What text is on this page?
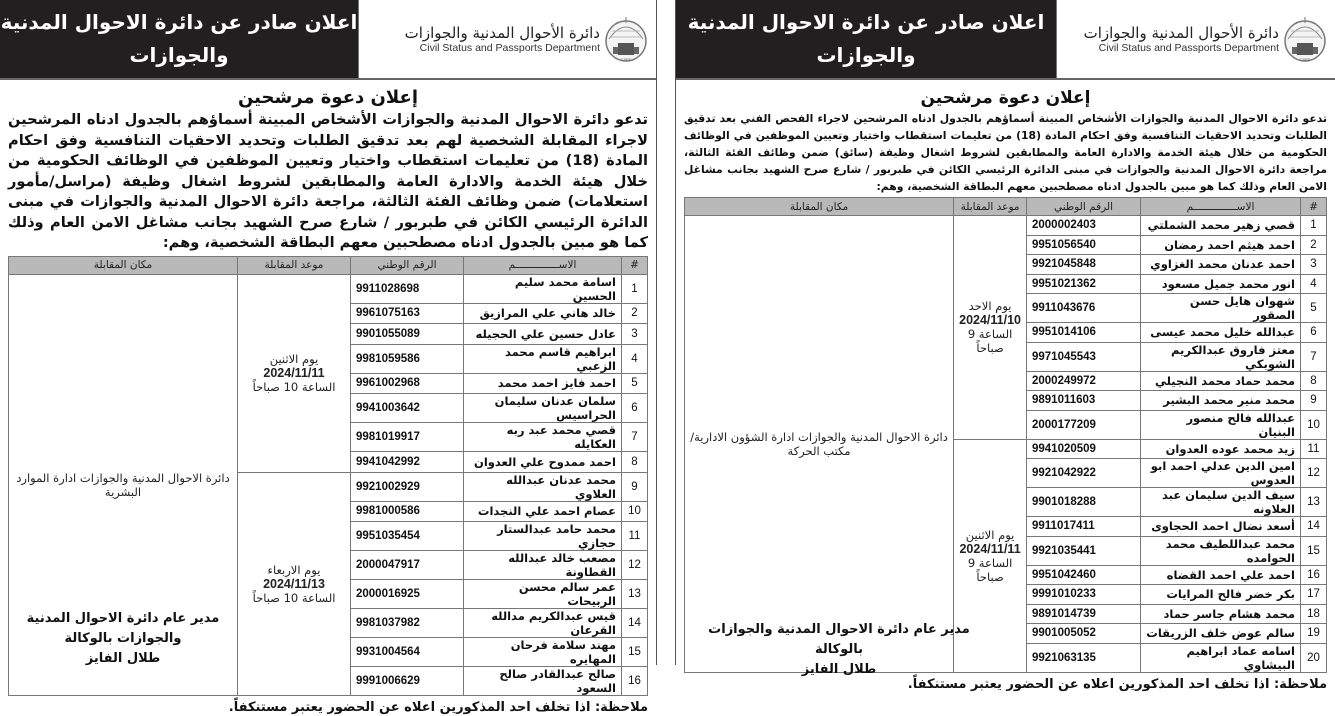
اعلان صادر عن دائرة الاحوال المدنية والجوازات
دائرة الأحوال المدنية والجوازات
Civil Status and Passports Department
CSPD
إعلان دعوة مرشحين
تدعو دائرة الاحوال المدنية والجوازات الأشخاص المبينة أسماؤهم بالجدول ادناه المرشحين لاجراء المقابلة الشخصية لهم بعد تدقيق الطلبات وتحديد الاحقيات التنافسية وفق احكام المادة (18) من تعليمات استقطاب واختيار وتعيين الموظفين في الوظائف الحكومية من خلال هيئة الخدمة والادارة العامة والمطابقين لشروط اشغال وظيفة (مراسل/مأمور استعلامات) ضمن وظائف الفئة الثالثة، مراجعة دائرة الاحوال المدنية والجوازات في مبنى الدائرة الرئيسي الكائن في طبربور / شارع صرح الشهيد بجانب مشاغل الامن العام وذلك كما هو مبين بالجدول ادناه مصطحبين معهم البطاقة الشخصية، وهم:
#	الاســــــــــــــم	الرقم الوطني	موعد المقابلة	مكان المقابلة
1	اسامة محمد سليم الحسين	9911028698	يوم الاثنين
2024/11/11
الساعة 10 صباحاً	دائرة الاحوال المدنية والجوازات ادارة الموارد البشرية
2	خالد هاني علي المرازيق	9961075163		
3	عادل حسين علي الحجيله	9901055089		
4	ابراهيم قاسم محمد الزعبي	9981059586		
5	احمد فايز احمد محمد	9961002968		
6	سلمان عدنان سليمان الحراسيس	9941003642		
7	قصي محمد عبد ربه العكايله	9981019917		
8	احمد ممدوح علي العدوان	9941042992		
9	محمد عدنان عبدالله العلاوي	9921002929	يوم الاربعاء
2024/11/13
الساعة 10 صباحاً	

10	عصام احمد علي النجدات	9981000586		
11	محمد حامد عبدالستار حجازي	9951035454		
12	مصعب خالد عبدالله القطاونة	2000047917		
13	عمر سالم محسن الربيحات	2000016925		
14	قيس عبدالكريم مدالله القرعان	9981037982		
15	مهند سلامة فرحان المهايره	9931004564		
16	صالح عبدالقادر صالح السعود	9991006629		
ملاحظة: اذا تخلف احد المذكورين اعلاه عن الحضور يعتبر مستنكفاً.
مدير عام دائرة الاحوال المدنية والجوازات بالوكالة
طلال الفايز
اعلان صادر عن دائرة الاحوال المدنية والجوازات
دائرة الأحوال المدنية والجوازات
Civil Status and Passports Department
CSPD
إعلان دعوة مرشحين
تدعو دائرة الاحوال المدنية والجوازات الأشخاص المبينة أسماؤهم بالجدول ادناه المرشحين لاجراء الفحص الفني بعد تدقيق الطلبات وتحديد الاحقيات التنافسية وفق احكام المادة (18) من تعليمات استقطاب واختيار وتعيين الموظفين في الوظائف الحكومية من خلال هيئة الخدمة والادارة العامة والمطابقين لشروط اشغال وظيفة (سائق) ضمن وظائف الفئة الثالثة، مراجعة دائرة الاحوال المدنية والجوازات في مبنى الدائرة الرئيسي الكائن في طبربور / شارع صرح الشهيد بجانب مشاغل الامن العام وذلك كما هو مبين بالجدول ادناه مصطحبين معهم البطاقة الشخصية، وهم:
#	الاســــــــــــــم	الرقم الوطني	موعد المقابلة	مكان المقابلة
1	قصي زهير محمد الشملتي	2000002403	يوم الاحد
2024/11/10
الساعة 9 صباحاً	دائرة الاحوال المدنية والجوازات ادارة الشؤون الادارية/ مكتب الحركة
2	احمد هيثم احمد رمضان	9951056540		
3	احمد عدنان محمد الغزاوي	9921045848		
4	انور محمد جميل مسعود	9951021362		
5	شهوان هايل حسن الصقور	9911043676		
6	عبدالله خليل محمد عيسى	9951014106		
7	معتز فاروق عبدالكريم الشوبكي	9971045543		
8	محمد حماد محمد النجيلي	2000249972		
9	محمد منير محمد البشير	9891011603		
10	عبدالله فالح منصور البنيان	2000177209		
11	زيد محمد عوده العدوان	9941020509	يوم الاثنين
2024/11/11
الساعة 9 صباحاً	

12	امين الدين عدلي احمد ابو العدوس	9921042922		
13	سيف الدين سليمان عبد العلاونه	9901018288		
14	أسعد نضال احمد الحجاوى	9911017411		
15	محمد عبداللطيف محمد الحوامده	9921035441		
16	احمد علي احمد القضاه	9951042460		
17	بكر خضر فالح المرايات	9991010233		
18	محمد هشام جاسر حماد	9891014739		
19	سالم عوض خلف الزريقات	9901005052		
20	اسامه عماد ابراهيم البيشاوي	9921063135		
ملاحظة: اذا تخلف احد المذكورين اعلاه عن الحضور يعتبر مستنكفاً.
مدير عام دائرة الاحوال المدنية والجوازات بالوكالة
طلال الفايز
